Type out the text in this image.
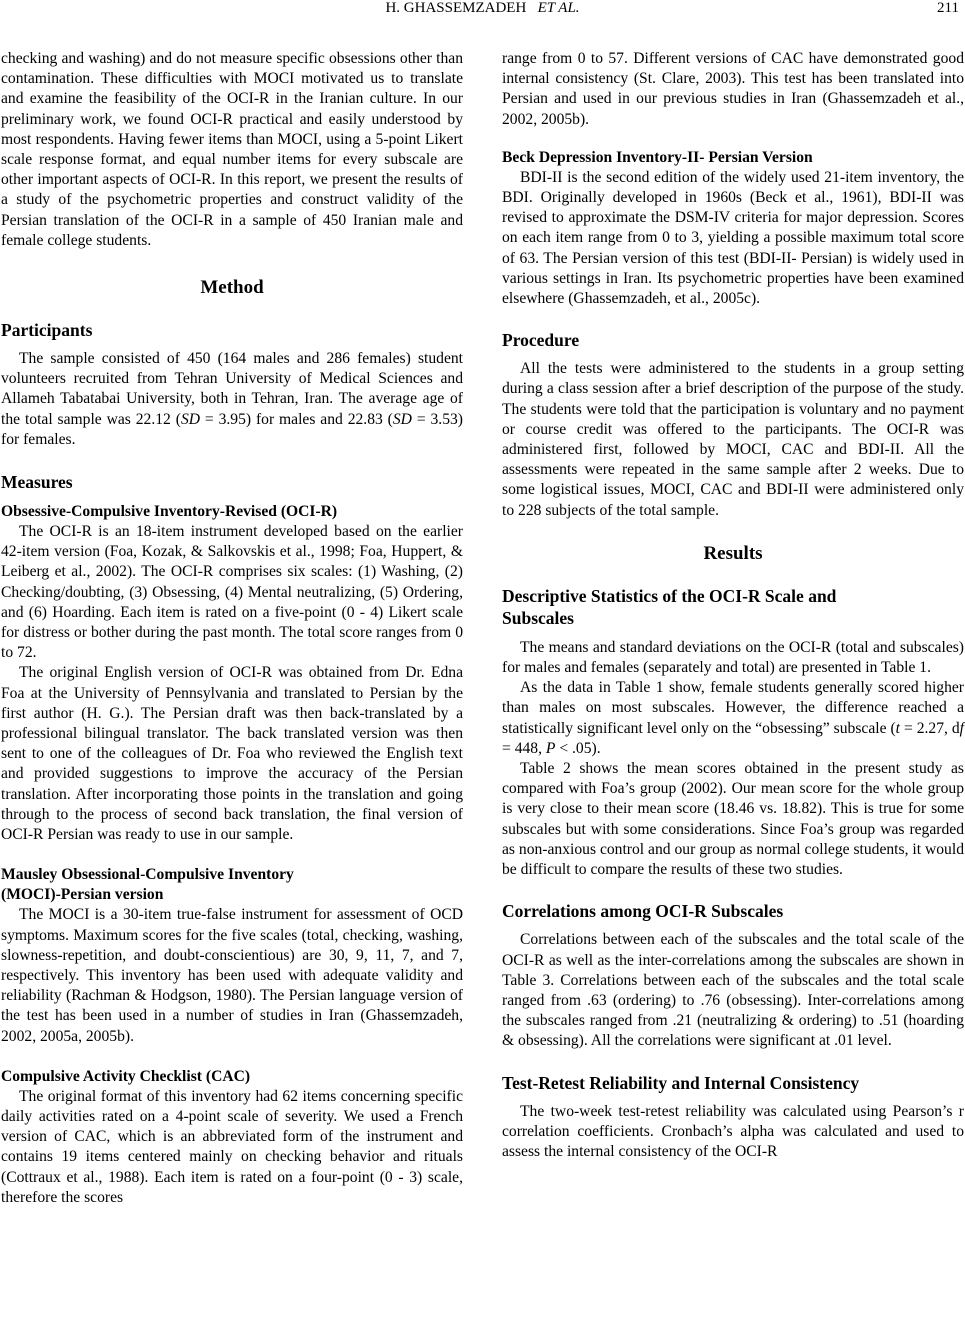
H. GHASSEMZADEH ET AL.	211

checking and washing) and do not measure specific obsessions other than contamination. These difficulties with MOCI motivated us to translate and examine the feasibility of the OCI-R in the Iranian culture. In our preliminary work, we found OCI-R practical and easily understood by most respondents. Having fewer items than MOCI, using a 5-point Likert scale response format, and equal number items for every subscale are other important aspects of OCI-R. In this report, we present the results of a study of the psychometric properties and construct validity of the Persian translation of the OCI-R in a sample of 450 Iranian male and female college students.

Method

Participants

The sample consisted of 450 (164 males and 286 females) student volunteers recruited from Tehran University of Medical Sciences and Allameh Tabatabai University, both in Tehran, Iran. The average age of the total sample was 22.12 (SD = 3.95) for males and 22.83 (SD = 3.53) for females.

Measures

Obsessive-Compulsive Inventory-Revised (OCI-R)

The OCI-R is an 18-item instrument developed based on the earlier 42-item version (Foa, Kozak, & Salkovskis et al., 1998; Foa, Huppert, & Leiberg et al., 2002). The OCI-R comprises six scales: (1) Washing, (2) Checking/doubting, (3) Obsessing, (4) Mental neutralizing, (5) Ordering, and (6) Hoarding. Each item is rated on a five-point (0 - 4) Likert scale for distress or bother during the past month. The total score ranges from 0 to 72.

The original English version of OCI-R was obtained from Dr. Edna Foa at the University of Pennsylvania and translated to Persian by the first author (H. G.). The Persian draft was then back-translated by a professional bilingual translator. The back translated version was then sent to one of the colleagues of Dr. Foa who reviewed the English text and provided suggestions to improve the accuracy of the Persian translation. After incorporating those points in the translation and going through to the process of second back translation, the final version of OCI-R Persian was ready to use in our sample.

Mausley Obsessional-Compulsive Inventory
(MOCI)-Persian version

The MOCI is a 30-item true-false instrument for assessment of OCD symptoms. Maximum scores for the five scales (total, checking, washing, slowness-repetition, and doubt-conscientious) are 30, 9, 11, 7, and 7, respectively. This inventory has been used with adequate validity and reliability (Rachman & Hodgson, 1980). The Persian language version of the test has been used in a number of studies in Iran (Ghassemzadeh, 2002, 2005a, 2005b).

Compulsive Activity Checklist (CAC)

The original format of this inventory had 62 items concerning specific daily activities rated on a 4-point scale of severity. We used a French version of CAC, which is an abbreviated form of the instrument and contains 19 items centered mainly on checking behavior and rituals (Cottraux et al., 1988). Each item is rated on a four-point (0 - 3) scale, therefore the scores

range from 0 to 57. Different versions of CAC have demonstrated good internal consistency (St. Clare, 2003). This test has been translated into Persian and used in our previous studies in Iran (Ghassemzadeh et al., 2002, 2005b).

Beck Depression Inventory-II- Persian Version

BDI-II is the second edition of the widely used 21-item inventory, the BDI. Originally developed in 1960s (Beck et al., 1961), BDI-II was revised to approximate the DSM-IV criteria for major depression. Scores on each item range from 0 to 3, yielding a possible maximum total score of 63. The Persian version of this test (BDI-II- Persian) is widely used in various settings in Iran. Its psychometric properties have been examined elsewhere (Ghassemzadeh, et al., 2005c).

Procedure

All the tests were administered to the students in a group setting during a class session after a brief description of the purpose of the study. The students were told that the participation is voluntary and no payment or course credit was offered to the participants. The OCI-R was administered first, followed by MOCI, CAC and BDI-II. All the assessments were repeated in the same sample after 2 weeks. Due to some logistical issues, MOCI, CAC and BDI-II were administered only to 228 subjects of the total sample.

Results

Descriptive Statistics of the OCI-R Scale and
Subscales

The means and standard deviations on the OCI-R (total and subscales) for males and females (separately and total) are presented in Table 1.

As the data in Table 1 show, female students generally scored higher than males on most subscales. However, the difference reached a statistically significant level only on the “obsessing” subscale (t = 2.27, df = 448, P < .05).

Table 2 shows the mean scores obtained in the present study as compared with Foa’s group (2002). Our mean score for the whole group is very close to their mean score (18.46 vs. 18.82). This is true for some subscales but with some considerations. Since Foa’s group was regarded as non-anxious control and our group as normal college students, it would be difficult to compare the results of these two studies.

Correlations among OCI-R Subscales

Correlations between each of the subscales and the total scale of the OCI-R as well as the inter-correlations among the subscales are shown in Table 3. Correlations between each of the subscales and the total scale ranged from .63 (ordering) to .76 (obsessing). Inter-correlations among the subscales ranged from .21 (neutralizing & ordering) to .51 (hoarding & obsessing). All the correlations were significant at .01 level.

Test-Retest Reliability and Internal Consistency

The two-week test-retest reliability was calculated using Pearson’s r correlation coefficients. Cronbach’s alpha was calculated and used to assess the internal consistency of the OCI-R
